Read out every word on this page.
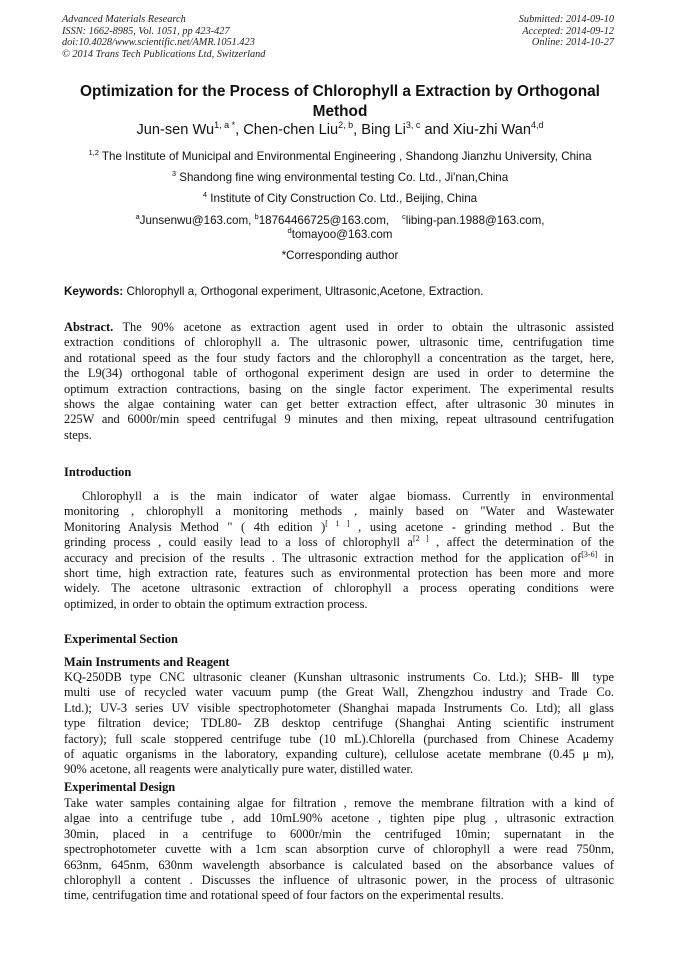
Advanced Materials Research
ISSN: 1662-8985, Vol. 1051, pp 423-427
doi:10.4028/www.scientific.net/AMR.1051.423
© 2014 Trans Tech Publications Ltd, Switzerland
Submitted: 2014-09-10
Accepted: 2014-09-12
Online: 2014-10-27
Optimization for the Process of Chlorophyll a Extraction by Orthogonal
Method
Jun-sen $Wu^{1, a *}$, Chen-chen Liu$^{2, b}$, Bing Li$^{3, c}$ and Xiu-zhi Wan$^{4,d}$
$^{1,2}$ The Institute of Municipal and Environmental Engineering , Shandong Jianzhu University, China
$^3$ Shandong fine wing environmental testing Co. Ltd., Ji'nan,China
$^4$ Institute of City Construction Co. Ltd., Beijing, China
$^a$Junsenwu@163.com, $^b$18764466725@163.com,    $^c$libing-pan.1988@163.com,
$^d$tomayoo@163.com
*Corresponding author
Keywords: Chlorophyll a, Orthogonal experiment, Ultrasonic,Acetone, Extraction.
Abstract. The 90% acetone as extraction agent used in order to obtain the ultrasonic assisted
extraction conditions of chlorophyll a. The ultrasonic power, ultrasonic time, centrifugation time
and rotational speed as the four study factors and the chlorophyll a concentration as the target, here,
the L9(34) orthogonal table of orthogonal experiment design are used in order to determine the
optimum extraction contractions, basing on the single factor experiment. The experimental results
shows the algae containing water can get better extraction effect, after ultrasonic 30 minutes in
225W and 6000r/min speed centrifugal 9 minutes and then mixing, repeat ultrasound centrifugation
steps.
Introduction
Chlorophyll a is the main indicator of water algae biomass. Currently in environmental
monitoring , chlorophyll a monitoring methods , mainly based on "Water and Wastewater
Monitoring Analysis Method " ( 4th edition )[ 1 ] , using acetone - grinding method . But the
grinding process , could easily lead to a loss of chlorophyll a[2 ] , affect the determination of the
accuracy and precision of the results . The ultrasonic extraction method for the application of[3-6] in
short time, high extraction rate, features such as environmental protection has been more and more
widely. The acetone ultrasonic extraction of chlorophyll a process operating conditions were
optimized, in order to obtain the optimum extraction process.
Experimental Section
Main Instruments and Reagent
KQ-250DB type CNC ultrasonic cleaner (Kunshan ultrasonic instruments Co. Ltd.); SHB- Ⅲ type
multi use of recycled water vacuum pump (the Great Wall, Zhengzhou industry and Trade Co.
Ltd.); UV-3 series UV visible spectrophotometer (Shanghai mapada Instruments Co. Ltd); all glass
type filtration device; TDL80- ZB desktop centrifuge (Shanghai Anting scientific instrument
factory); full scale stoppered centrifuge tube (10 mL).Chlorella (purchased from Chinese Academy
of aquatic organisms in the laboratory, expanding culture), cellulose acetate membrane (0.45 μ m),
90% acetone, all reagents were analytically pure water, distilled water.
Experimental Design
Take water samples containing algae for filtration , remove the membrane filtration with a kind of
algae into a centrifuge tube , add 10mL90% acetone , tighten pipe plug , ultrasonic extraction
30min, placed in a centrifuge to 6000r/min the centrifuged 10min; supernatant in the
spectrophotometer cuvette with a 1cm scan absorption curve of chlorophyll a were read 750nm,
663nm, 645nm, 630nm wavelength absorbance is calculated based on the absorbance values of
chlorophyll a content . Discusses the influence of ultrasonic power, in the process of ultrasonic
time, centrifugation time and rotational speed of four factors on the experimental results.
